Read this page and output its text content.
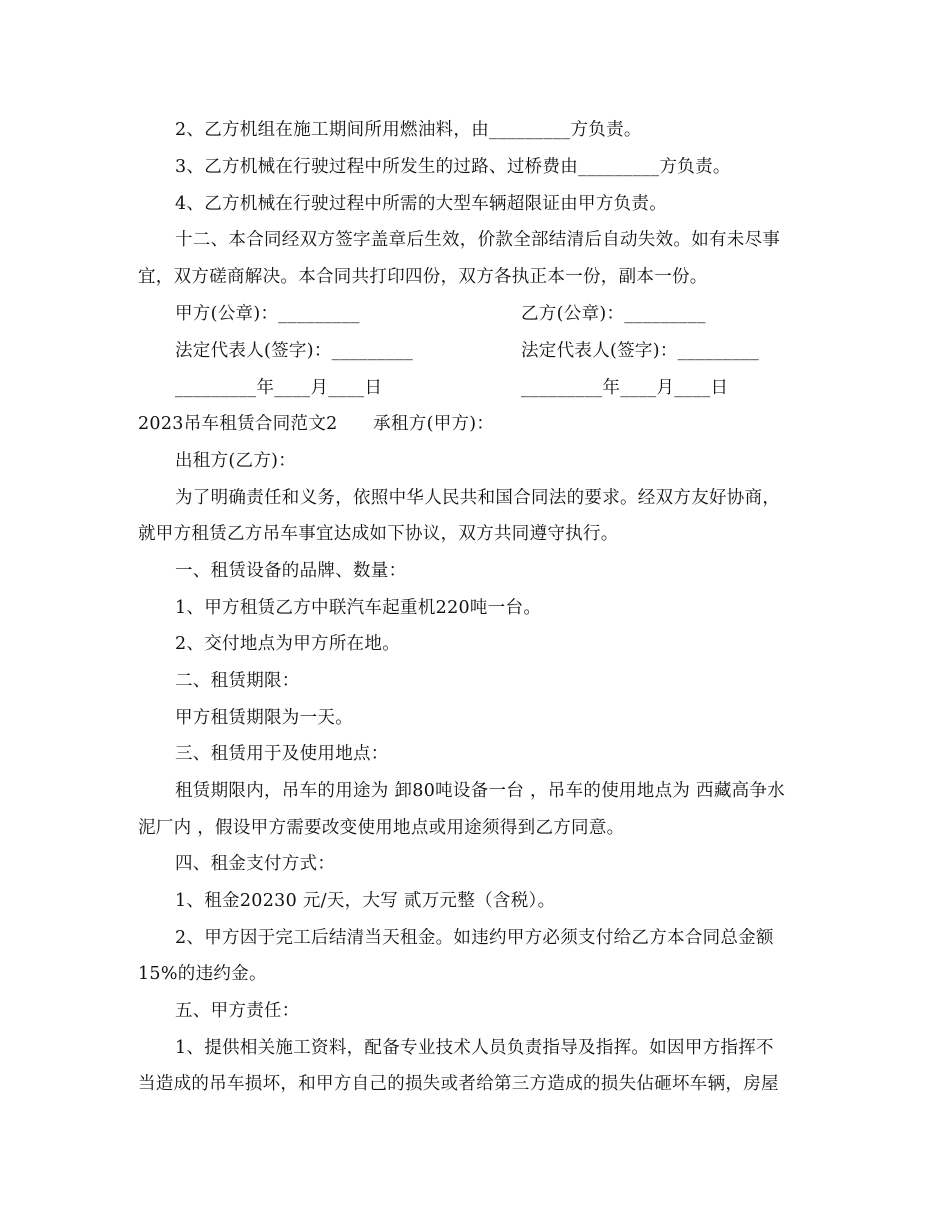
2、乙方机组在施工期间所用燃油料，由_________方负责。
3、乙方机械在行驶过程中所发生的过路、过桥费由_________方负责。
4、乙方机械在行驶过程中所需的大型车辆超限证由甲方负责。
十二、本合同经双方签字盖章后生效，价款全部结清后自动失效。如有未尽事
宜，双方磋商解决。本合同共打印四份，双方各执正本一份，副本一份。
甲方(公章)：_________	乙方(公章)：_________
法定代表人(签字)：_________	法定代表人(签字)：_________
_________年____月____日	_________年____月____日
2023吊车租赁合同范文2　　承租方(甲方)：
出租方(乙方)：
为了明确责任和义务，依照中华人民共和国合同法的要求。经双方友好协商，
就甲方租赁乙方吊车事宜达成如下协议，双方共同遵守执行。
一、租赁设备的品牌、数量：
1、甲方租赁乙方中联汽车起重机220吨一台。
2、交付地点为甲方所在地。
二、租赁期限：
甲方租赁期限为一天。
三、租赁用于及使用地点：
租赁期限内，吊车的用途为 卸80吨设备一台 ，吊车的使用地点为 西藏高争水
泥厂内 ，假设甲方需要改变使用地点或用途须得到乙方同意。
四、租金支付方式：
1、租金20230 元/天，大写 贰万元整（含税）。
2、甲方因于完工后结清当天租金。如违约甲方必须支付给乙方本合同总金额
15%的违约金。
五、甲方责任：
1、提供相关施工资料，配备专业技术人员负责指导及指挥。如因甲方指挥不
当造成的吊车损坏，和甲方自己的损失或者给第三方造成的损失佔砸坏车辆，房屋
